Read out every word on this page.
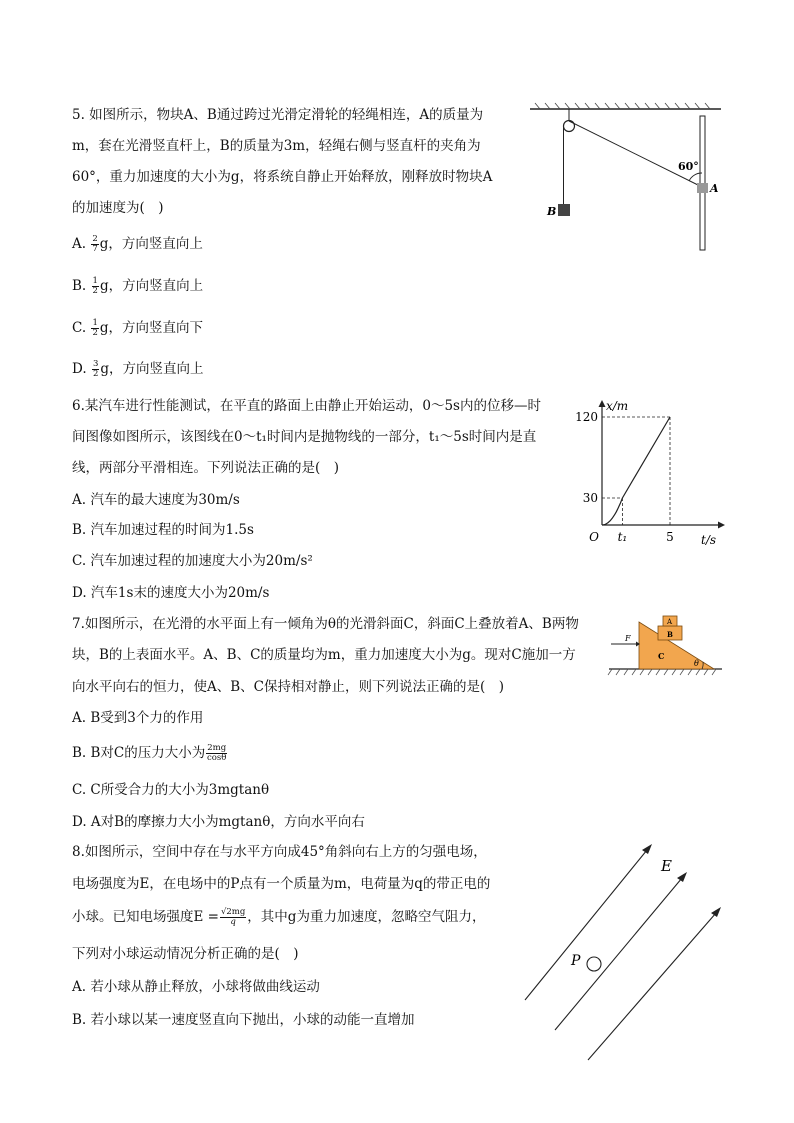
5. 如图所示，物块A、B通过跨过光滑定滑轮的轻绳相连，A的质量为
m，套在光滑竖直杆上，B的质量为3m，轻绳右侧与竖直杆的夹角为
60°，重力加速度的大小为g，将系统自静止开始释放，刚释放时物块A
的加速度为(　)
A. $\frac{2}{7}$ g，方向竖直向上
B. $\frac{1}{2}$ g，方向竖直向上
C. $\frac{1}{2}$ g，方向竖直向下
D. $\frac{3}{2}$ g，方向竖直向上
B
A
60°
6.某汽车进行性能测试，在平直的路面上由静止开始运动，0～5s内的位移—时
间图像如图所示，该图线在0～t₁时间内是抛物线的一部分，t₁～5s时间内是直
线，两部分平滑相连。下列说法正确的是(　)
A. 汽车的最大速度为30m/s
B. 汽车加速过程的时间为1.5s
C. 汽车加速过程的加速度大小为20m/s²
D. 汽车1s末的速度大小为20m/s
x/m
t/s
30
120
O t₁	5
7.如图所示，在光滑的水平面上有一倾角为θ的光滑斜面C，斜面C上叠放着A、B两物
块，B的上表面水平。A、B、C的质量均为m，重力加速度大小为g。现对C施加一方
向水平向右的恒力，使A、B、C保持相对静止，则下列说法正确的是(　)
A. B受到3个力的作用
B. B对C的压力大小为 $\frac{2mg}{\cos\theta}$
C. C所受合力的大小为3mgtanθ
D. A对B的摩擦力大小为mgtanθ，方向水平向右
A
B
C
F
θ
8.如图所示，空间中存在与水平方向成45°角斜向右上方的匀强电场，
电场强度为E，在电场中的P点有一个质量为m，电荷量为q的带正电的
小球。已知电场强度$E = \frac{√2mg}{q}$ ，其中g为重力加速度，忽略空气阻力，
下列对小球运动情况分析正确的是(　)
A. 若小球从静止释放，小球将做曲线运动
B. 若小球以某一速度竖直向下抛出，小球的动能一直增加
E
P
